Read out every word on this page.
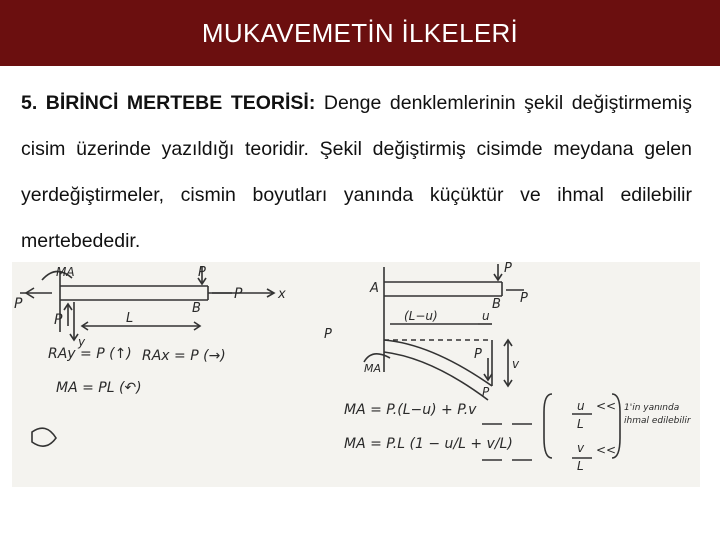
MUKAVEMETİN İLKELERİ
5. BİRİNCİ MERTEBE TEORİSİ: Denge denklemlerinin şekil değiştirmemiş cisim üzerinde yazıldığı teoridir. Şekil değiştirmiş cisimde meydana gelen yerdeğiştirmeler, cismin boyutları yanında küçüktür ve ihmal edilebilir mertebededir.
P
MA
P
x
B
P
L
y
P
RAy = P (↑) RAx = P (→)
MA = PL (↶)
P
A
B P
(L−u)	u
P
MA
P
v
P
MA = P.(L−u) + P.v
MA = P.L (1 − u/L + v/L)
u
L
v
L
<<
<<
1'in yanında ihmal edilebilir
